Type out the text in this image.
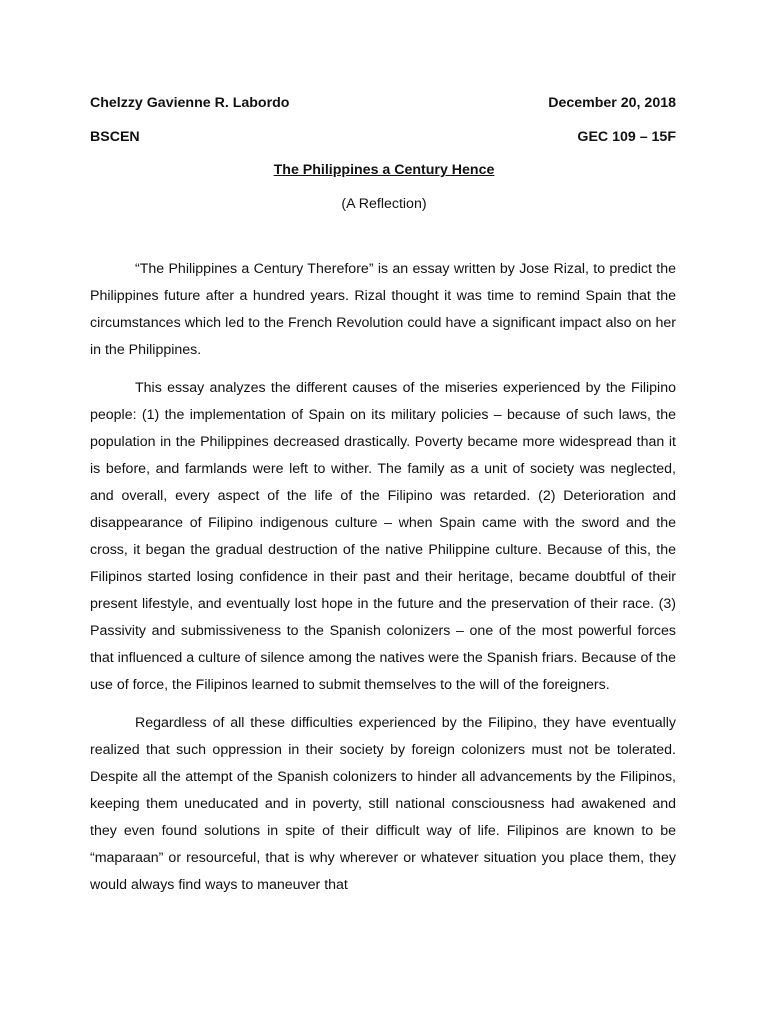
Chelzzy Gavienne R. Labordo	December 20, 2018
BSCEN	GEC 109 – 15F
The Philippines a Century Hence
(A Reflection)

“The Philippines a Century Therefore” is an essay written by Jose Rizal, to predict the Philippines future after a hundred years. Rizal thought it was time to remind Spain that the circumstances which led to the French Revolution could have a significant impact also on her in the Philippines.

This essay analyzes the different causes of the miseries experienced by the Filipino people: (1) the implementation of Spain on its military policies – because of such laws, the population in the Philippines decreased drastically. Poverty became more widespread than it is before, and farmlands were left to wither. The family as a unit of society was neglected, and overall, every aspect of the life of the Filipino was retarded. (2) Deterioration and disappearance of Filipino indigenous culture – when Spain came with the sword and the cross, it began the gradual destruction of the native Philippine culture. Because of this, the Filipinos started losing confidence in their past and their heritage, became doubtful of their present lifestyle, and eventually lost hope in the future and the preservation of their race. (3) Passivity and submissiveness to the Spanish colonizers – one of the most powerful forces that influenced a culture of silence among the natives were the Spanish friars. Because of the use of force, the Filipinos learned to submit themselves to the will of the foreigners.

Regardless of all these difficulties experienced by the Filipino, they have eventually realized that such oppression in their society by foreign colonizers must not be tolerated. Despite all the attempt of the Spanish colonizers to hinder all advancements by the Filipinos, keeping them uneducated and in poverty, still national consciousness had awakened and they even found solutions in spite of their difficult way of life. Filipinos are known to be “maparaan” or resourceful, that is why wherever or whatever situation you place them, they would always find ways to maneuver that
